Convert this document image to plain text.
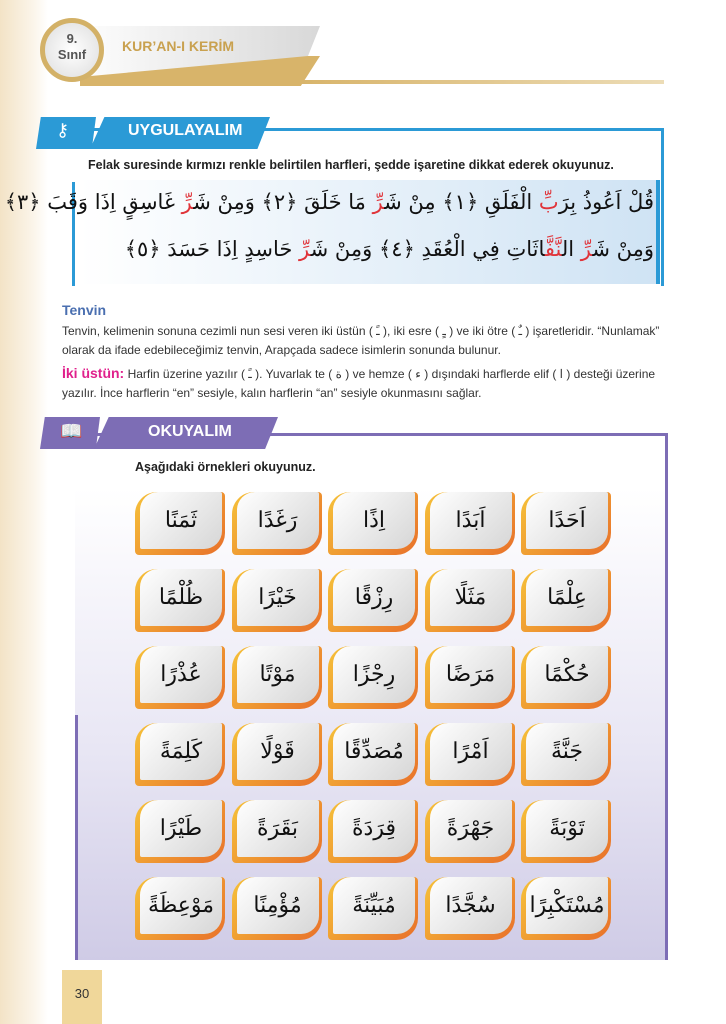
9.
Sınıf
KUR’AN-I KERİM
⚷	UYGULAYALIM
Felak suresinde kırmızı renkle belirtilen harfleri, şedde işaretine dikkat ederek okuyunuz.
قُلْ اَعُوذُ بِرَبِّ الْفَلَقِ ﴿١﴾ مِنْ شَرِّ مَا خَلَقَ ﴿٢﴾ وَمِنْ شَرِّ غَاسِقٍ اِذَا وَقَبَ ﴿٣﴾
وَمِنْ شَرِّ النَّفَّاثَاتِ فِي الْعُقَدِ ﴿٤﴾ وَمِنْ شَرِّ حَاسِدٍ اِذَا حَسَدَ ﴿٥﴾
Tenvin
Tenvin, kelimenin sonuna cezimli nun sesi veren iki üstün ( ـً ), iki esre ( ـٍ ) ve iki ötre ( ـٌ ) işaretleridir. “Nunlamak” olarak da ifade edebileceğimiz tenvin, Arapçada sadece isimlerin sonunda bulunur.
İki üstün: Harfin üzerine yazılır ( ـً ). Yuvarlak te ( ة ) ve hemze ( ء ) dışındaki harflerde elif ( ا ) desteği üzerine yazılır. İnce harflerin “en” sesiyle, kalın harflerin “an” sesiyle okunmasını sağlar.
📖	OKUYALIM
Aşağıdaki örnekleri okuyunuz.
اَحَدًا
اَبَدًا
اِذًا
رَغَدًا
ثَمَنًا
عِلْمًا
مَثَلًا
رِزْقًا
خَيْرًا
ظُلْمًا
حُكْمًا
مَرَضًا
رِجْزًا
مَوْتًا
عُذْرًا
جَنَّةً
اَمْرًا
مُصَدِّقًا
قَوْلًا
كَلِمَةً
تَوْبَةً
جَهْرَةً
قِرَدَةً
بَقَرَةً
طَيْرًا
مُسْتَكْبِرًا
سُجَّدًا
مُبَيِّنَةً
مُؤْمِنًا
مَوْعِظَةً
30
